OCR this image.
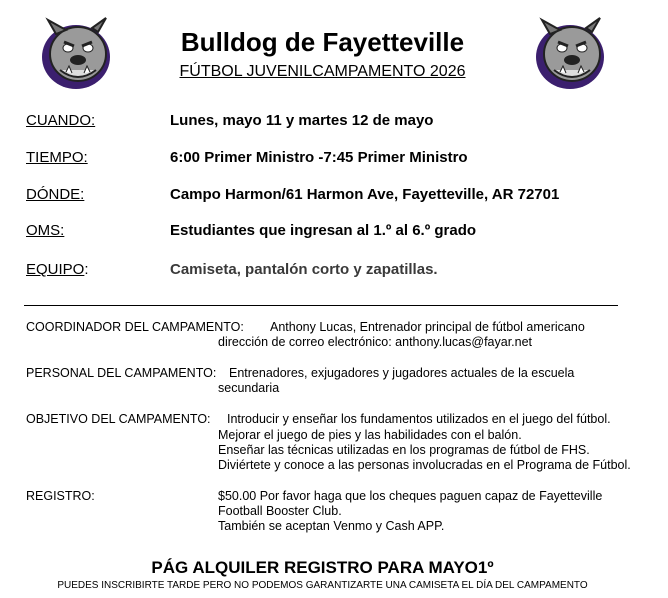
Bulldog de Fayetteville
FÚTBOL JUVENILCAMPAMENTO 2026
CUANDO:	Lunes, mayo 11 y martes 12 de mayo
TIEMPO:	6:00 Primer Ministro -7:45 Primer Ministro
DÓNDE:	Campo Harmon/61 Harmon Ave, Fayetteville, AR 72701
OMS:	Estudiantes que ingresan al 1.º al 6.º grado
EQUIPO:	Camiseta, pantalón corto y zapatillas.
COORDINADOR DEL CAMPAMENTO: Anthony Lucas, Entrenador principal de fútbol americano
dirección de correo electrónico: anthony.lucas@fayar.net
PERSONAL DEL CAMPAMENTO: Entrenadores, exjugadores y jugadores actuales de la escuela
secundaria
OBJETIVO DEL CAMPAMENTO: Introducir y enseñar los fundamentos utilizados en el juego del fútbol.
Mejorar el juego de pies y las habilidades con el balón.
Enseñar las técnicas utilizadas en los programas de fútbol de FHS.
Diviértete y conoce a las personas involucradas en el Programa de Fútbol.
REGISTRO:	$50.00 Por favor haga que los cheques paguen capaz de Fayetteville
Football Booster Club.
También se aceptan Venmo y Cash APP.
PÁG ALQUILER REGISTRO PARA MAYO1º
PUEDES INSCRIBIRTE TARDE PERO NO PODEMOS GARANTIZARTE UNA CAMISETA EL DÍA DEL CAMPAMENTO
